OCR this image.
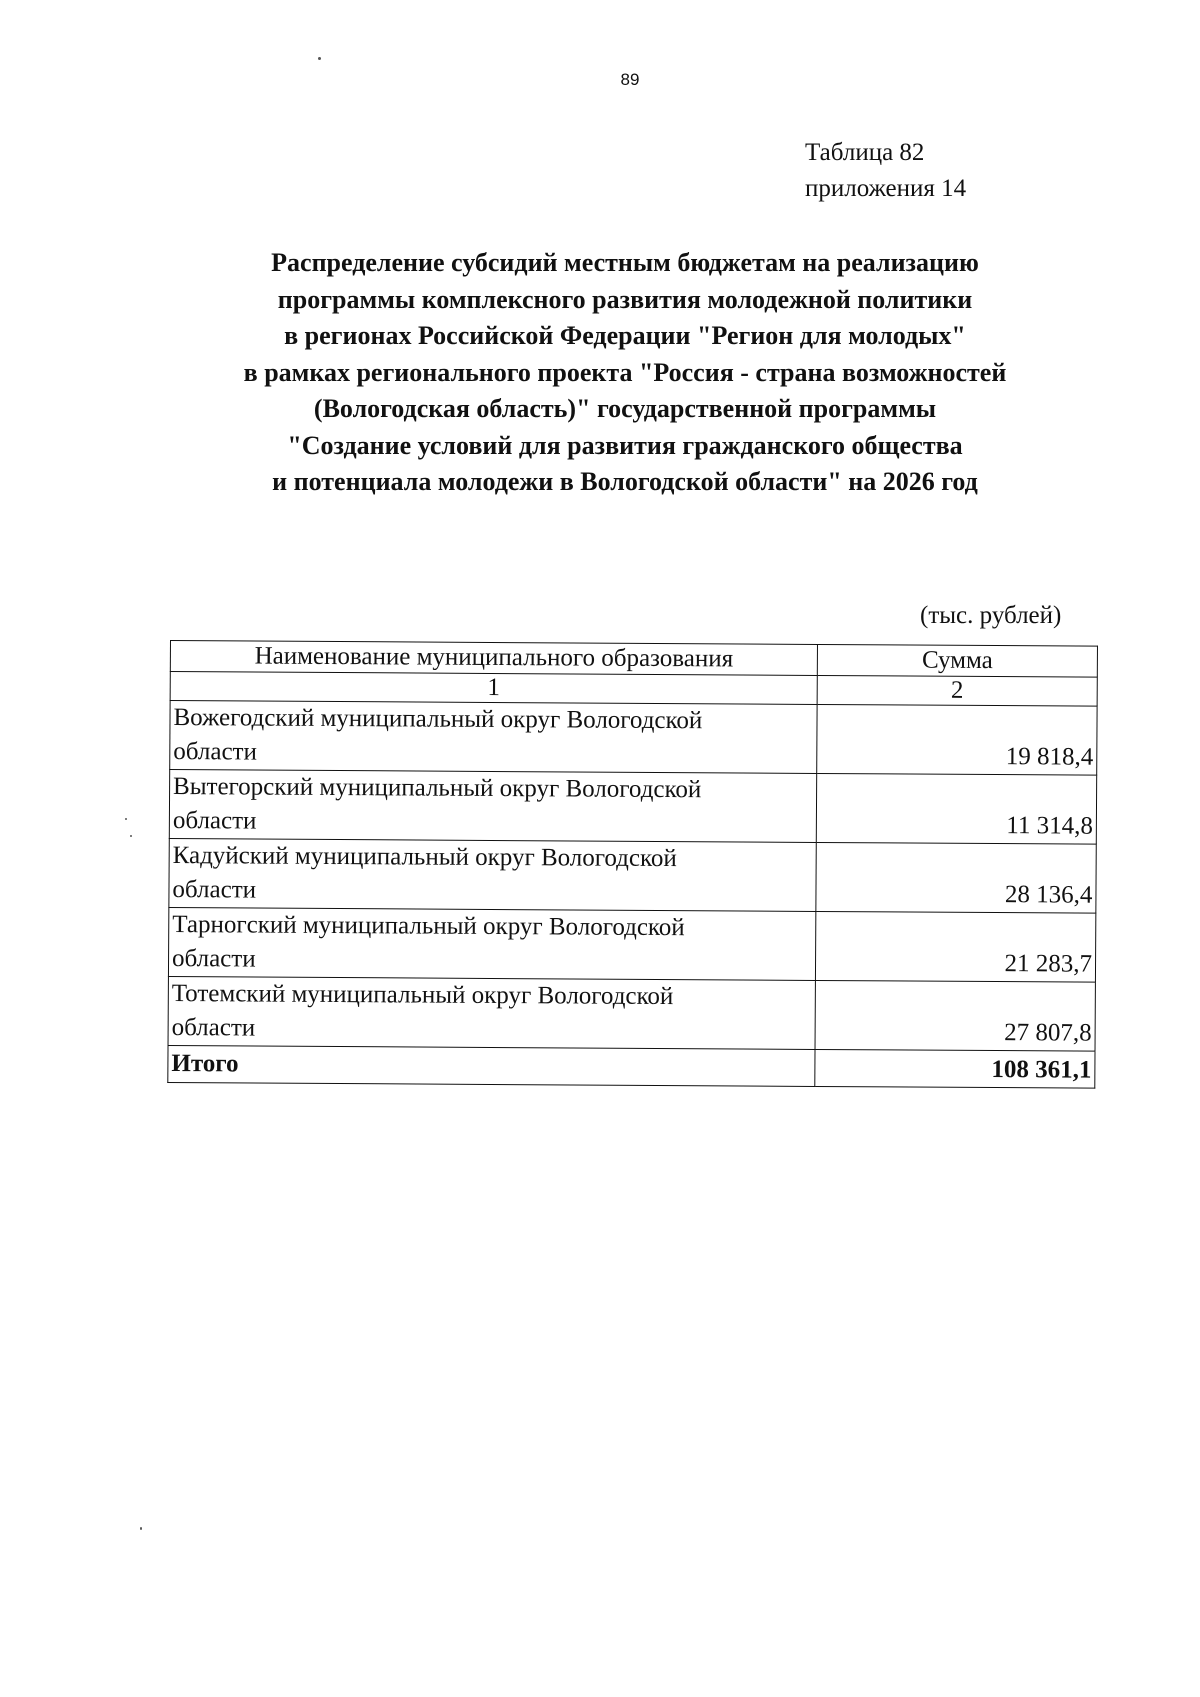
89
Таблица 82
приложения 14
Распределение субсидий местным бюджетам на реализацию
программы комплексного развития молодежной политики
в регионах Российской Федерации "Регион для молодых"
в рамках регионального проекта "Россия - страна возможностей
(Вологодская область)" государственной программы
"Создание условий для развития гражданского общества
и потенциала молодежи в Вологодской области" на 2026 год
(тыс. рублей)
Наименование муниципального образования	Сумма
1	2
Вожегодский муниципальный округ Вологодской
области	19 818,4
Вытегорский муниципальный округ Вологодской
области	11 314,8
Кадуйский муниципальный округ Вологодской
области	28 136,4
Тарногский муниципальный округ Вологодской
области	21 283,7
Тотемский муниципальный округ Вологодской
области	27 807,8
Итого	108 361,1
